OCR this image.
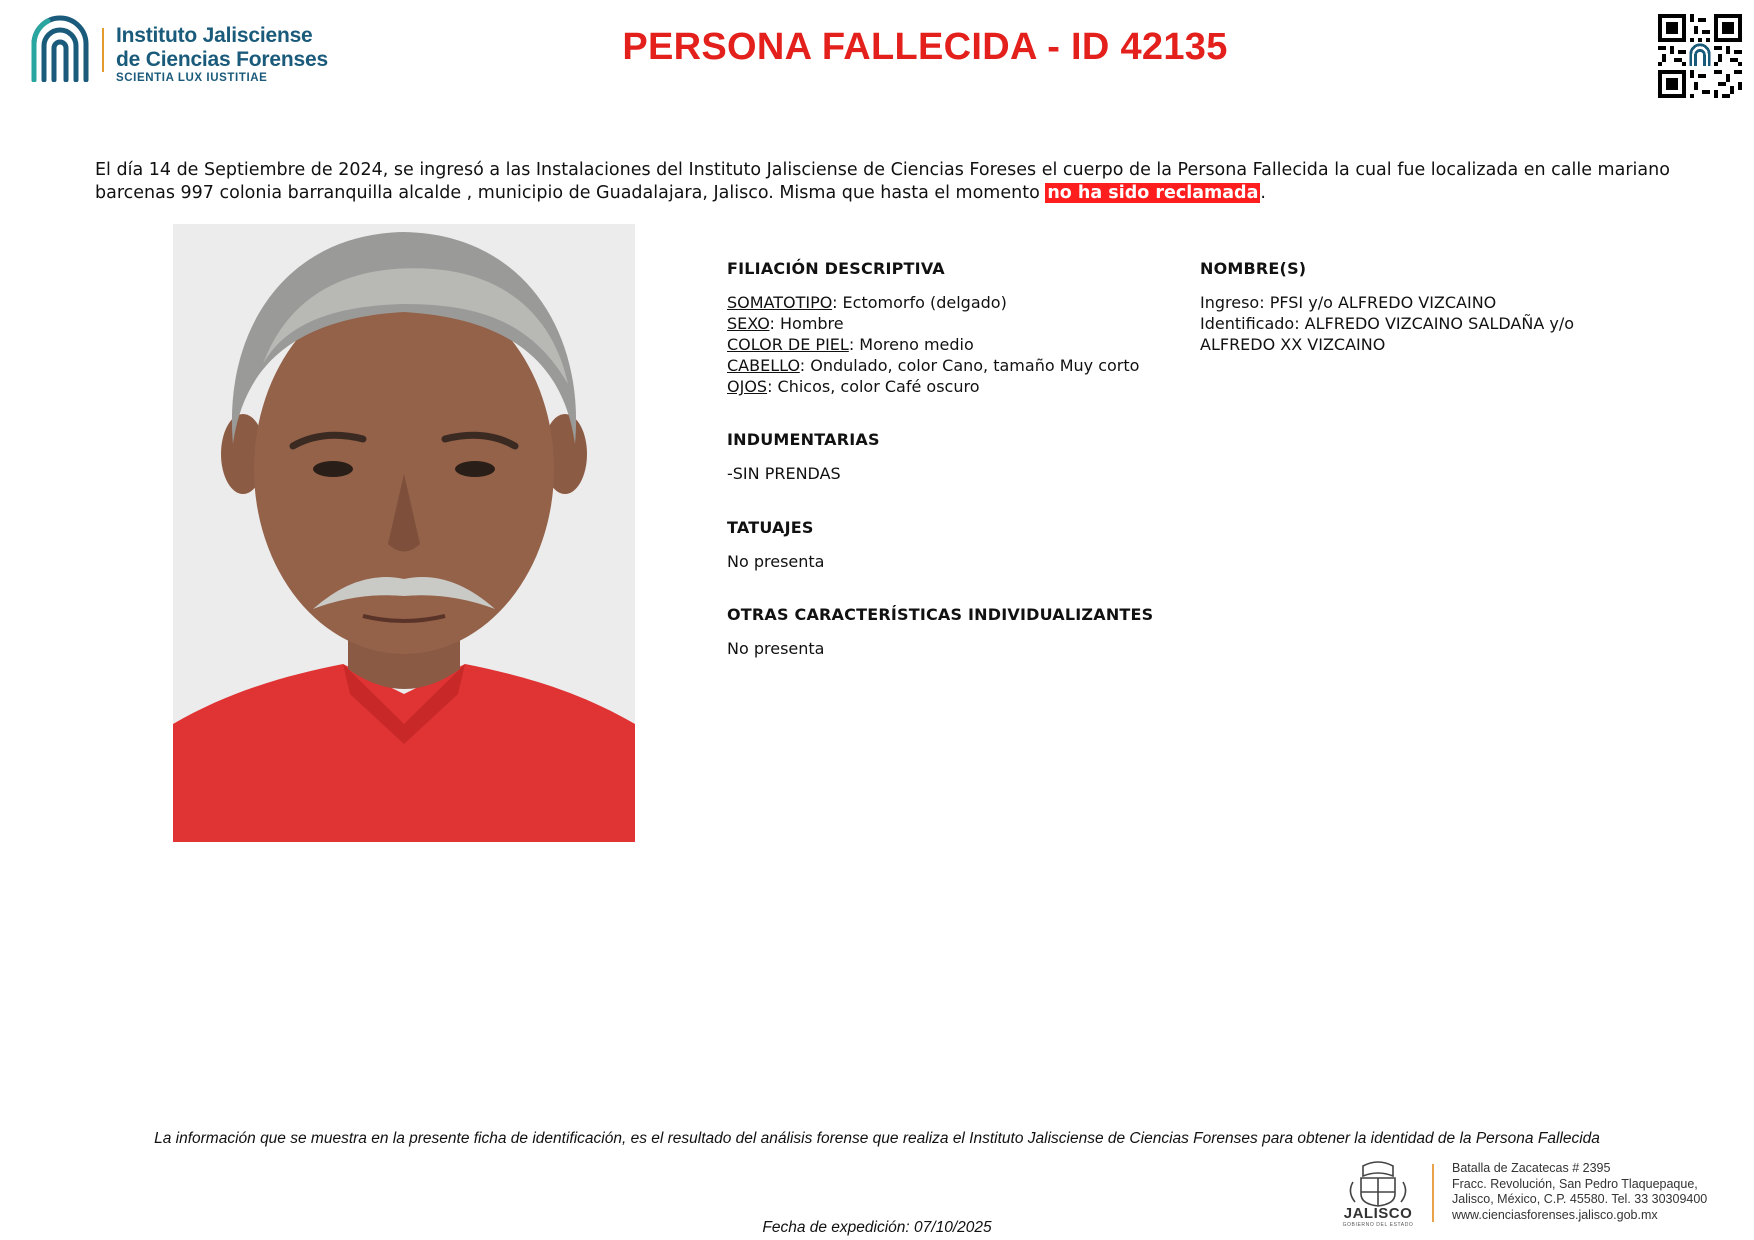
Instituto Jalisciense
de Ciencias Forenses
SCIENTIA LUX IUSTITIAE
PERSONA FALLECIDA - ID 42135
El día 14 de Septiembre de 2024, se ingresó a las Instalaciones del Instituto Jalisciense de Ciencias Foreses el cuerpo de la Persona Fallecida la cual fue localizada en calle mariano barcenas 997 colonia barranquilla alcalde , municipio de Guadalajara, Jalisco. Misma que hasta el momento no ha sido reclamada .
FILIACIÓN DESCRIPTIVA
SOMATOTIPO: Ectomorfo (delgado)
SEXO: Hombre
COLOR DE PIEL: Moreno medio
CABELLO: Ondulado, color Cano, tamaño Muy corto
OJOS: Chicos, color Café oscuro
INDUMENTARIAS
-SIN PRENDAS
TATUAJES
No presenta
OTRAS CARACTERÍSTICAS INDIVIDUALIZANTES
No presenta
NOMBRE(S)
Ingreso: PFSI y/o ALFREDO VIZCAINO
Identificado: ALFREDO VIZCAINO SALDAÑA y/o
ALFREDO XX VIZCAINO
La información que se muestra en la presente ficha de identificación, es el resultado del análisis forense que realiza el Instituto Jalisciense de Ciencias Forenses para obtener la identidad de la Persona Fallecida
Fecha de expedición: 07/10/2025
JALISCO
GOBIERNO DEL ESTADO
Batalla de Zacatecas # 2395
Fracc. Revolución, San Pedro Tlaquepaque,
Jalisco, México, C.P. 45580. Tel. 33 30309400
www.cienciasforenses.jalisco.gob.mx
